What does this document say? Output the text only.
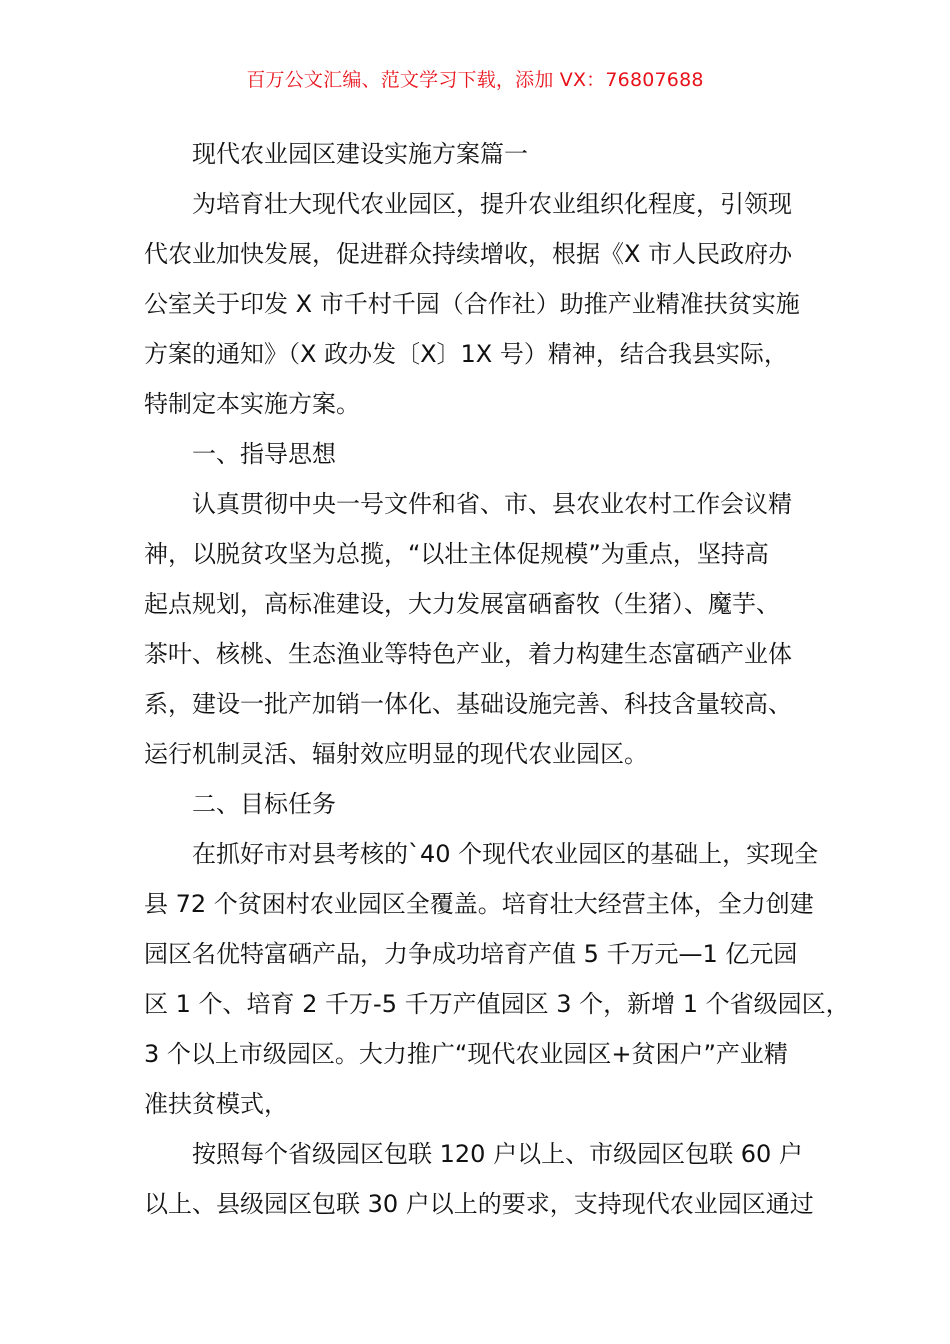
百万公文汇编、范文学习下载，添加 VX：76807688
现代农业园区建设实施方案篇一
为培育壮大现代农业园区，提升农业组织化程度，引领现
代农业加快发展，促进群众持续增收，根据《X 市人民政府办
公室关于印发 X 市千村千园（合作社）助推产业精准扶贫实施
方案的通知》（X 政办发〔X〕1X 号）精神，结合我县实际，
特制定本实施方案。
一、指导思想
认真贯彻中央一号文件和省、市、县农业农村工作会议精
神，以脱贫攻坚为总揽，“以壮主体促规模”为重点，坚持高
起点规划，高标准建设，大力发展富硒畜牧（生猪）、魔芋、
茶叶、核桃、生态渔业等特色产业，着力构建生态富硒产业体
系，建设一批产加销一体化、基础设施完善、科技含量较高、
运行机制灵活、辐射效应明显的现代农业园区。
二、目标任务
在抓好市对县考核的`40 个现代农业园区的基础上，实现全
县 72 个贫困村农业园区全覆盖。培育壮大经营主体，全力创建
园区名优特富硒产品，力争成功培育产值 5 千万元—1 亿元园
区 1 个、培育 2 千万-5 千万产值园区 3 个，新增 1 个省级园区，
3 个以上市级园区。大力推广“现代农业园区+贫困户”产业精
准扶贫模式，
按照每个省级园区包联 120 户以上、市级园区包联 60 户
以上、县级园区包联 30 户以上的要求，支持现代农业园区通过
